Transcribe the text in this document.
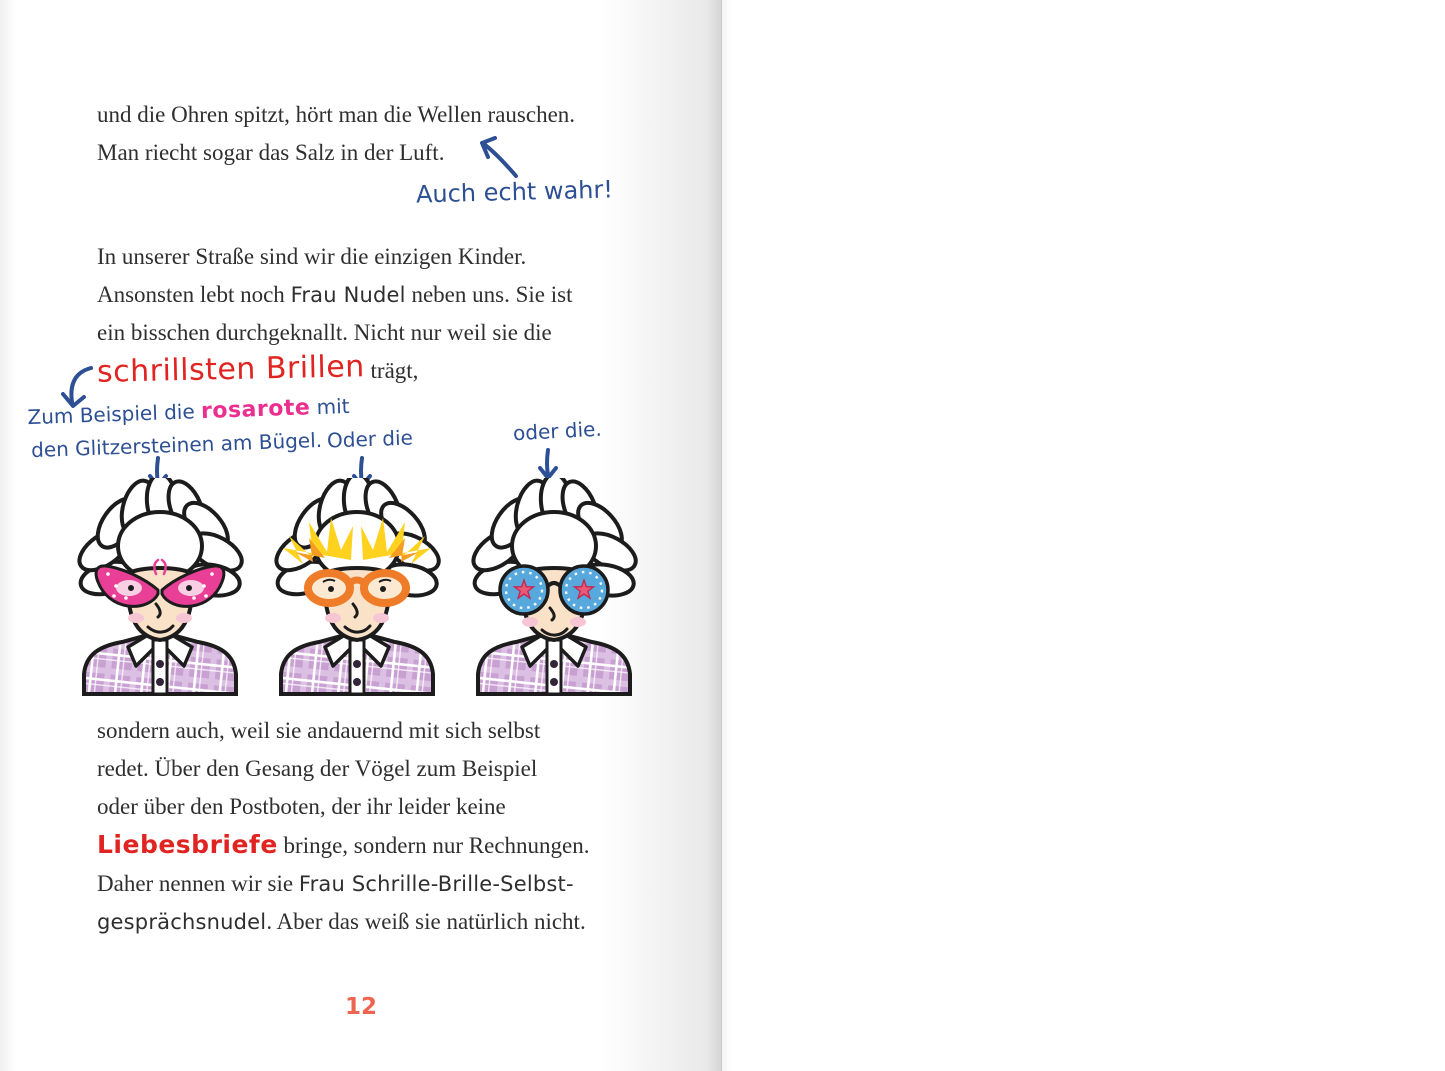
und die Ohren spitzt, hört man die Wellen rauschen.
Man riecht sogar das Salz in der Luft.
Auch echt wahr!
In unserer Straße sind wir die einzigen Kinder.
Ansonsten lebt noch Frau Nudel neben uns. Sie ist
ein bisschen durchgeknallt. Nicht nur weil sie die
schrillsten Brillen trägt,
Zum Beispiel die rosarote mit
den Glitzersteinen am Bügel. Oder die	oder die.
sondern auch, weil sie andauernd mit sich selbst
redet. Über den Gesang der Vögel zum Beispiel
oder über den Postboten, der ihr leider keine
Liebesbriefe bringe, sondern nur Rechnungen.
Daher nennen wir sie Frau Schrille-Brille-Selbst-
gesprächsnudel. Aber das weiß sie natürlich nicht.
12
